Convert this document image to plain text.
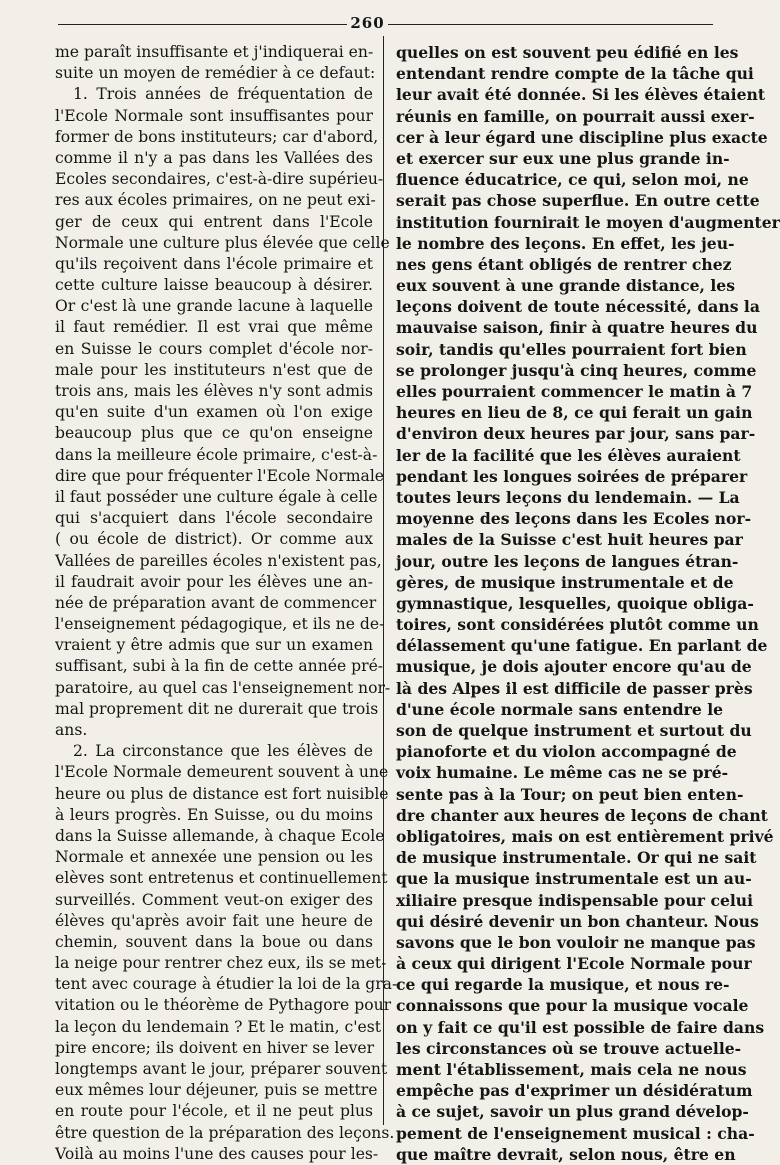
260
me paraît insuffisante et j'indiquerai en-
suite un moyen de remédier à ce defaut:
1. Trois années de fréquentation de
l'Ecole Normale sont insuffisantes pour
former de bons instituteurs; car d'abord,
comme il n'y a pas dans les Vallées des
Ecoles secondaires, c'est-à-dire supérieu-
res aux écoles primaires, on ne peut exi-
ger de ceux qui entrent dans l'Ecole
Normale une culture plus élevée que celle
qu'ils reçoivent dans l'école primaire et
cette culture laisse beaucoup à désirer.
Or c'est là une grande lacune à laquelle
il faut remédier. Il est vrai que même
en Suisse le cours complet d'école nor-
male pour les instituteurs n'est que de
trois ans, mais les élèves n'y sont admis
qu'en suite d'un examen où l'on exige
beaucoup plus que ce qu'on enseigne
dans la meilleure école primaire, c'est-à-
dire que pour fréquenter l'Ecole Normale
il faut posséder une culture égale à celle
qui s'acquiert dans l'école secondaire
( ou école de district). Or comme aux
Vallées de pareilles écoles n'existent pas,
il faudrait avoir pour les élèves une an-
née de préparation avant de commencer
l'enseignement pédagogique, et ils ne de-
vraient y être admis que sur un examen
suffisant, subi à la fin de cette année pré-
paratoire, au quel cas l'enseignement nor-
mal proprement dit ne durerait que trois
ans.
2. La circonstance que les élèves de
l'Ecole Normale demeurent souvent à une
heure ou plus de distance est fort nuisible
à leurs progrès. En Suisse, ou du moins
dans la Suisse allemande, à chaque Ecole
Normale et annexée une pension ou les
elèves sont entretenus et continuellement
surveillés. Comment veut-on exiger des
élèves qu'après avoir fait une heure de
chemin, souvent dans la boue ou dans
la neige pour rentrer chez eux, ils se met-
tent avec courage à étudier la loi de la gra-
vitation ou le théorème de Pythagore pour
la leçon du lendemain ? Et le matin, c'est
pire encore; ils doivent en hiver se lever
longtemps avant le jour, préparer souvent
eux mêmes lour déjeuner, puis se mettre
en route pour l'école, et il ne peut plus
être question de la préparation des leçons.
Voilà au moins l'une des causes pour les-
quelles on est souvent peu édifié en les
entendant rendre compte de la tâche qui
leur avait été donnée. Si les élèves étaient
réunis en famille, on pourrait aussi exer-
cer à leur égard une discipline plus exacte
et exercer sur eux une plus grande in-
fluence éducatrice, ce qui, selon moi, ne
serait pas chose superflue. En outre cette
institution fournirait le moyen d'augmenter
le nombre des leçons. En effet, les jeu-
nes gens étant obligés de rentrer chez
eux souvent à une grande distance, les
leçons doivent de toute nécessité, dans la
mauvaise saison, finir à quatre heures du
soir, tandis qu'elles pourraient fort bien
se prolonger jusqu'à cinq heures, comme
elles pourraient commencer le matin à 7
heures en lieu de 8, ce qui ferait un gain
d'environ deux heures par jour, sans par-
ler de la facilité que les élèves auraient
pendant les longues soirées de préparer
toutes leurs leçons du lendemain. — La
moyenne des leçons dans les Ecoles nor-
males de la Suisse c'est huit heures par
jour, outre les leçons de langues étran-
gères, de musique instrumentale et de
gymnastique, lesquelles, quoique obliga-
toires, sont considérées plutôt comme un
délassement qu'une fatigue. En parlant de
musique, je dois ajouter encore qu'au de
là des Alpes il est difficile de passer près
d'une école normale sans entendre le
son de quelque instrument et surtout du
pianoforte et du violon accompagné de
voix humaine. Le même cas ne se pré-
sente pas à la Tour; on peut bien enten-
dre chanter aux heures de leçons de chant
obligatoires, mais on est entièrement privé
de musique instrumentale. Or qui ne sait
que la musique instrumentale est un au-
xiliaire presque indispensable pour celui
qui désiré devenir un bon chanteur. Nous
savons que le bon vouloir ne manque pas
à ceux qui dirigent l'Ecole Normale pour
ce qui regarde la musique, et nous re-
connaissons que pour la musique vocale
on y fait ce qu'il est possible de faire dans
les circonstances où se trouve actuelle-
ment l'établissement, mais cela ne nous
empêche pas d'exprimer un désidératum
à ce sujet, savoir un plus grand dévelop-
pement de l'enseignement musical : cha-
que maître devrait, selon nous, être en
